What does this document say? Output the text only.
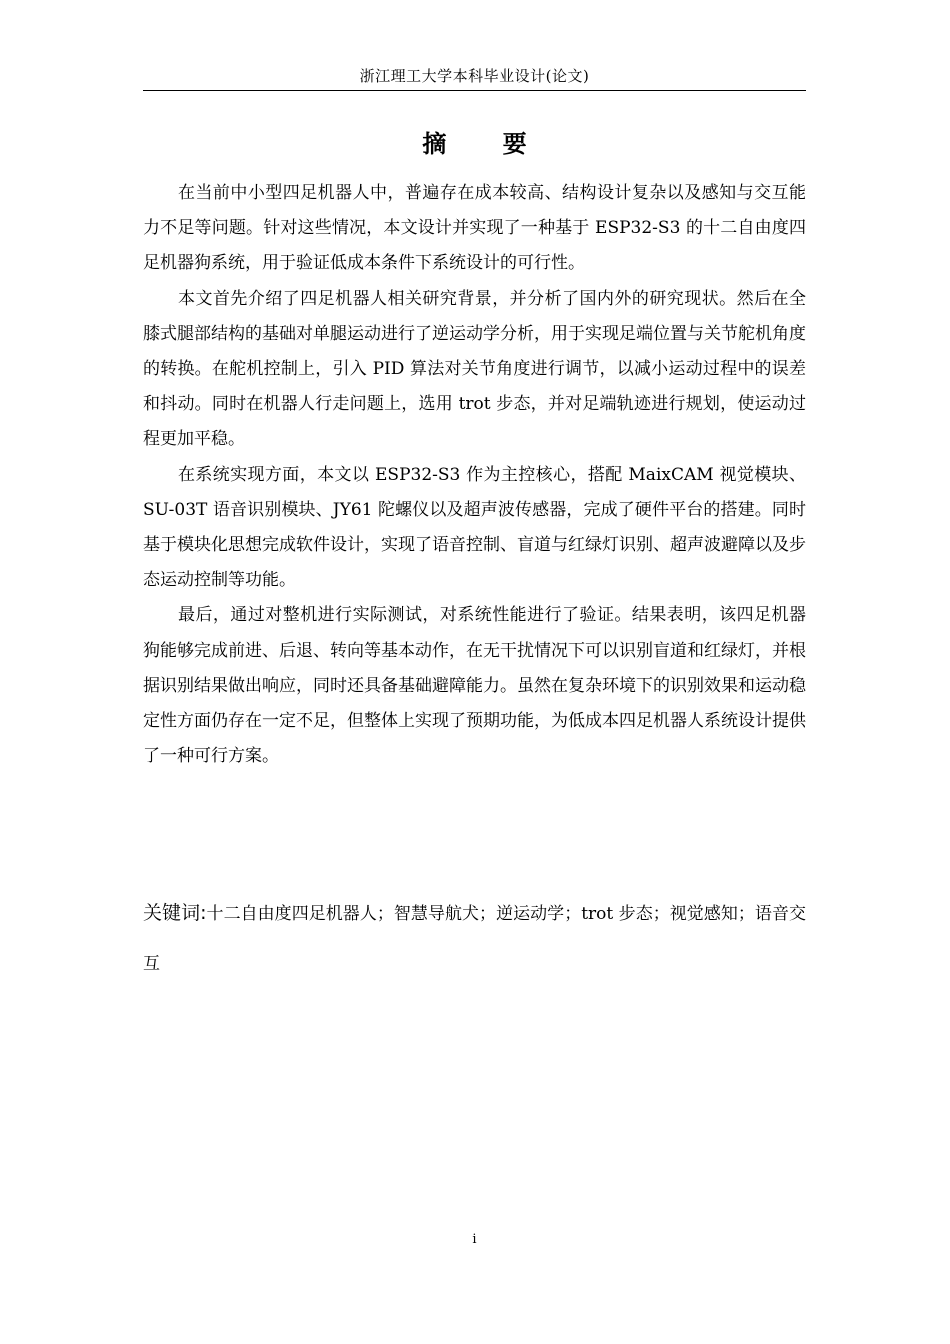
浙江理工大学本科毕业设计(论文)
摘 要

在当前中小型四足机器人中，普遍存在成本较高、结构设计复杂以及感知与交互能力不足等问题。针对这些情况，本文设计并实现了一种基于 ESP32-S3 的十二自由度四足机器狗系统，用于验证低成本条件下系统设计的可行性。

本文首先介绍了四足机器人相关研究背景，并分析了国内外的研究现状。然后在全膝式腿部结构的基础对单腿运动进行了逆运动学分析，用于实现足端位置与关节舵机角度的转换。在舵机控制上，引入 PID 算法对关节角度进行调节，以减小运动过程中的误差和抖动。同时在机器人行走问题上，选用 trot 步态，并对足端轨迹进行规划，使运动过程更加平稳。

在系统实现方面，本文以 ESP32-S3 作为主控核心，搭配 MaixCAM 视觉模块、SU-03T 语音识别模块、JY61 陀螺仪以及超声波传感器，完成了硬件平台的搭建。同时基于模块化思想完成软件设计，实现了语音控制、盲道与红绿灯识别、超声波避障以及步态运动控制等功能。

最后，通过对整机进行实际测试，对系统性能进行了验证。结果表明，该四足机器狗能够完成前进、后退、转向等基本动作，在无干扰情况下可以识别盲道和红绿灯，并根据识别结果做出响应，同时还具备基础避障能力。虽然在复杂环境下的识别效果和运动稳定性方面仍存在一定不足，但整体上实现了预期功能，为低成本四足机器人系统设计提供了一种可行方案。

关键词:十二自由度四足机器人；智慧导航犬；逆运动学；trot 步态；视觉感知；语音交互

i
